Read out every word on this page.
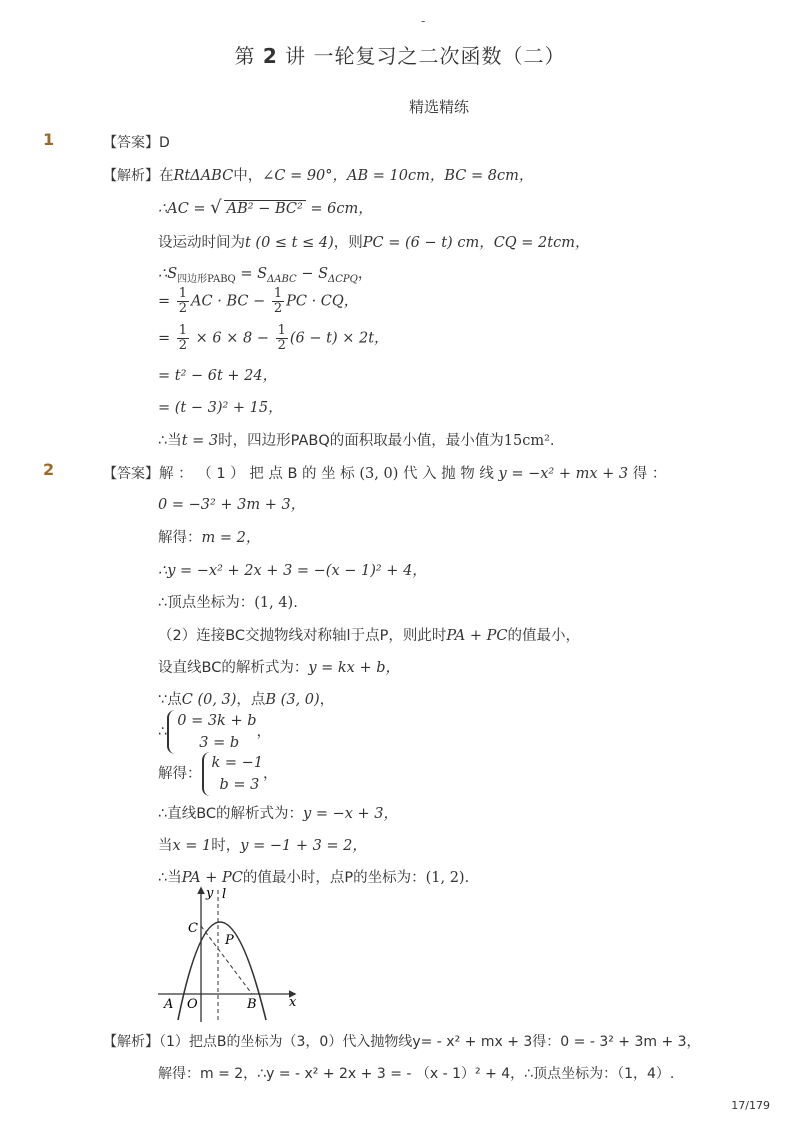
-
第 2 讲 一轮复习之二次函数（二）
精选精练
1	【答案】D
【解析】在RtΔABC中，∠C = 90°，AB = 10cm，BC = 8cm，
∴AC = √ AB² − BC² = 6cm，
设运动时间为t (0 ≤ t ≤ 4)，则PC = (6 − t) cm，CQ = 2tcm，
$\therefore S_{四边形PABQ} = S_{\Delta ABC} - S_{\Delta CPQ}$，
= $\frac{1}{2}$ AC · BC − $\frac{1}{2}$ PC · CQ，
= $\frac{1}{2} \times 6 \times 8 - \frac{1}{2} (6 - t) \times 2t$，
= t² − 6t + 24，
= (t − 3)² + 15，
∴当t = 3时，四边形PABQ的面积取最小值，最小值为15cm².
2	【答案】解 ： （ 1 ） 把 点 B 的 坐 标 (3, 0) 代 入 抛 物 线 y = −x² + mx + 3 得 ：
0 = −3² + 3m + 3，
解得：m = 2，
∴y = −x² + 2x + 3 = −(x − 1)² + 4，
∴顶点坐标为：(1, 4).
（2）连接BC交抛物线对称轴l于点P，则此时PA + PC的值最小，
设直线BC的解析式为：y = kx + b，
∵点C (0, 3)，点B (3, 0)，
∴
0 = 3k + b
3 = b
，
解得：
k = −1
b = 3
，
∴直线BC的解析式为：y = −x + 3，
当x = 1时，y = −1 + 3 = 2，
∴当PA + PC的值最小时，点P的坐标为：(1, 2).
y l
C
P
A O	B x
【解析】（1）把点B的坐标为（3，0）代入抛物线y= - x² + mx + 3得：0 = - 3² + 3m + 3，
解得：m = 2，∴y = - x² + 2x + 3 = - （x - 1）² + 4，∴顶点坐标为：（1，4）.
17/179
